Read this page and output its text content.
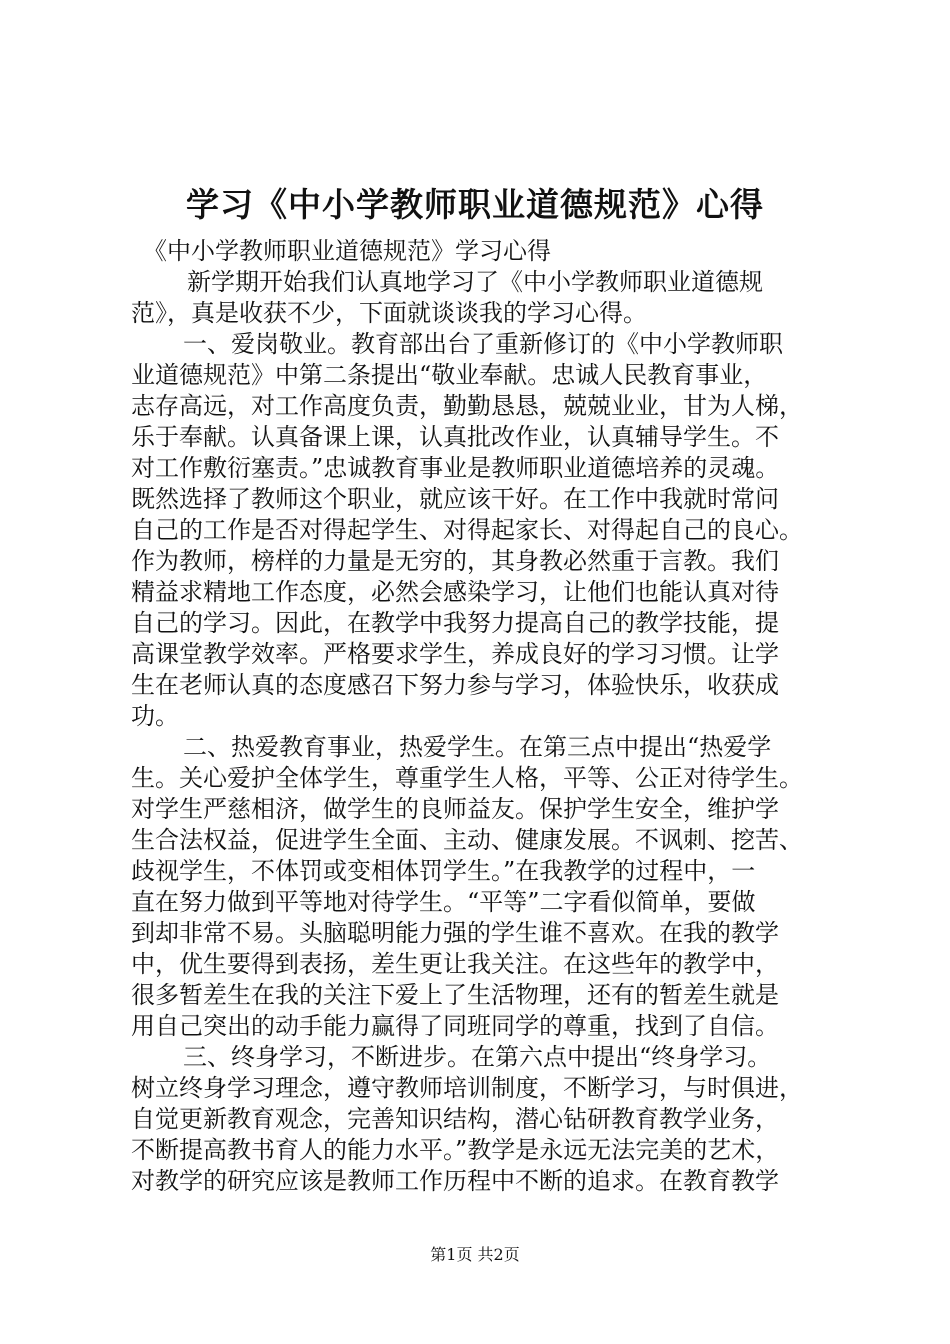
学习《中小学教师职业道德规范》心得
《中小学教师职业道德规范》学习心得
新学期开始我们认真地学习了《中小学教师职业道德规
范》，真是收获不少，下面就谈谈我的学习心得。
一、爱岗敬业。教育部出台了重新修订的《中小学教师职
业道德规范》中第二条提出“敬业奉献。忠诚人民教育事业，
志存高远，对工作高度负责，勤勤恳恳，兢兢业业，甘为人梯，
乐于奉献。认真备课上课，认真批改作业，认真辅导学生。不
对工作敷衍塞责。”忠诚教育事业是教师职业道德培养的灵魂。
既然选择了教师这个职业，就应该干好。在工作中我就时常问
自己的工作是否对得起学生、对得起家长、对得起自己的良心。
作为教师，榜样的力量是无穷的，其身教必然重于言教。我们
精益求精地工作态度，必然会感染学习，让他们也能认真对待
自己的学习。因此，在教学中我努力提高自己的教学技能，提
高课堂教学效率。严格要求学生，养成良好的学习习惯。让学
生在老师认真的态度感召下努力参与学习，体验快乐，收获成
功。
二、热爱教育事业，热爱学生。在第三点中提出“热爱学
生。关心爱护全体学生，尊重学生人格，平等、公正对待学生。
对学生严慈相济，做学生的良师益友。保护学生安全，维护学
生合法权益，促进学生全面、主动、健康发展。不讽刺、挖苦、
歧视学生，不体罚或变相体罚学生。”在我教学的过程中，一
直在努力做到平等地对待学生。“平等”二字看似简单，要做
到却非常不易。头脑聪明能力强的学生谁不喜欢。在我的教学
中，优生要得到表扬，差生更让我关注。在这些年的教学中，
很多暂差生在我的关注下爱上了生活物理，还有的暂差生就是
用自己突出的动手能力赢得了同班同学的尊重，找到了自信。
三、终身学习，不断进步。在第六点中提出“终身学习。
树立终身学习理念，遵守教师培训制度，不断学习，与时俱进，
自觉更新教育观念，完善知识结构，潜心钻研教育教学业务，
不断提高教书育人的能力水平。”教学是永远无法完美的艺术，
对教学的研究应该是教师工作历程中不断的追求。在教育教学
第1页 共2页
